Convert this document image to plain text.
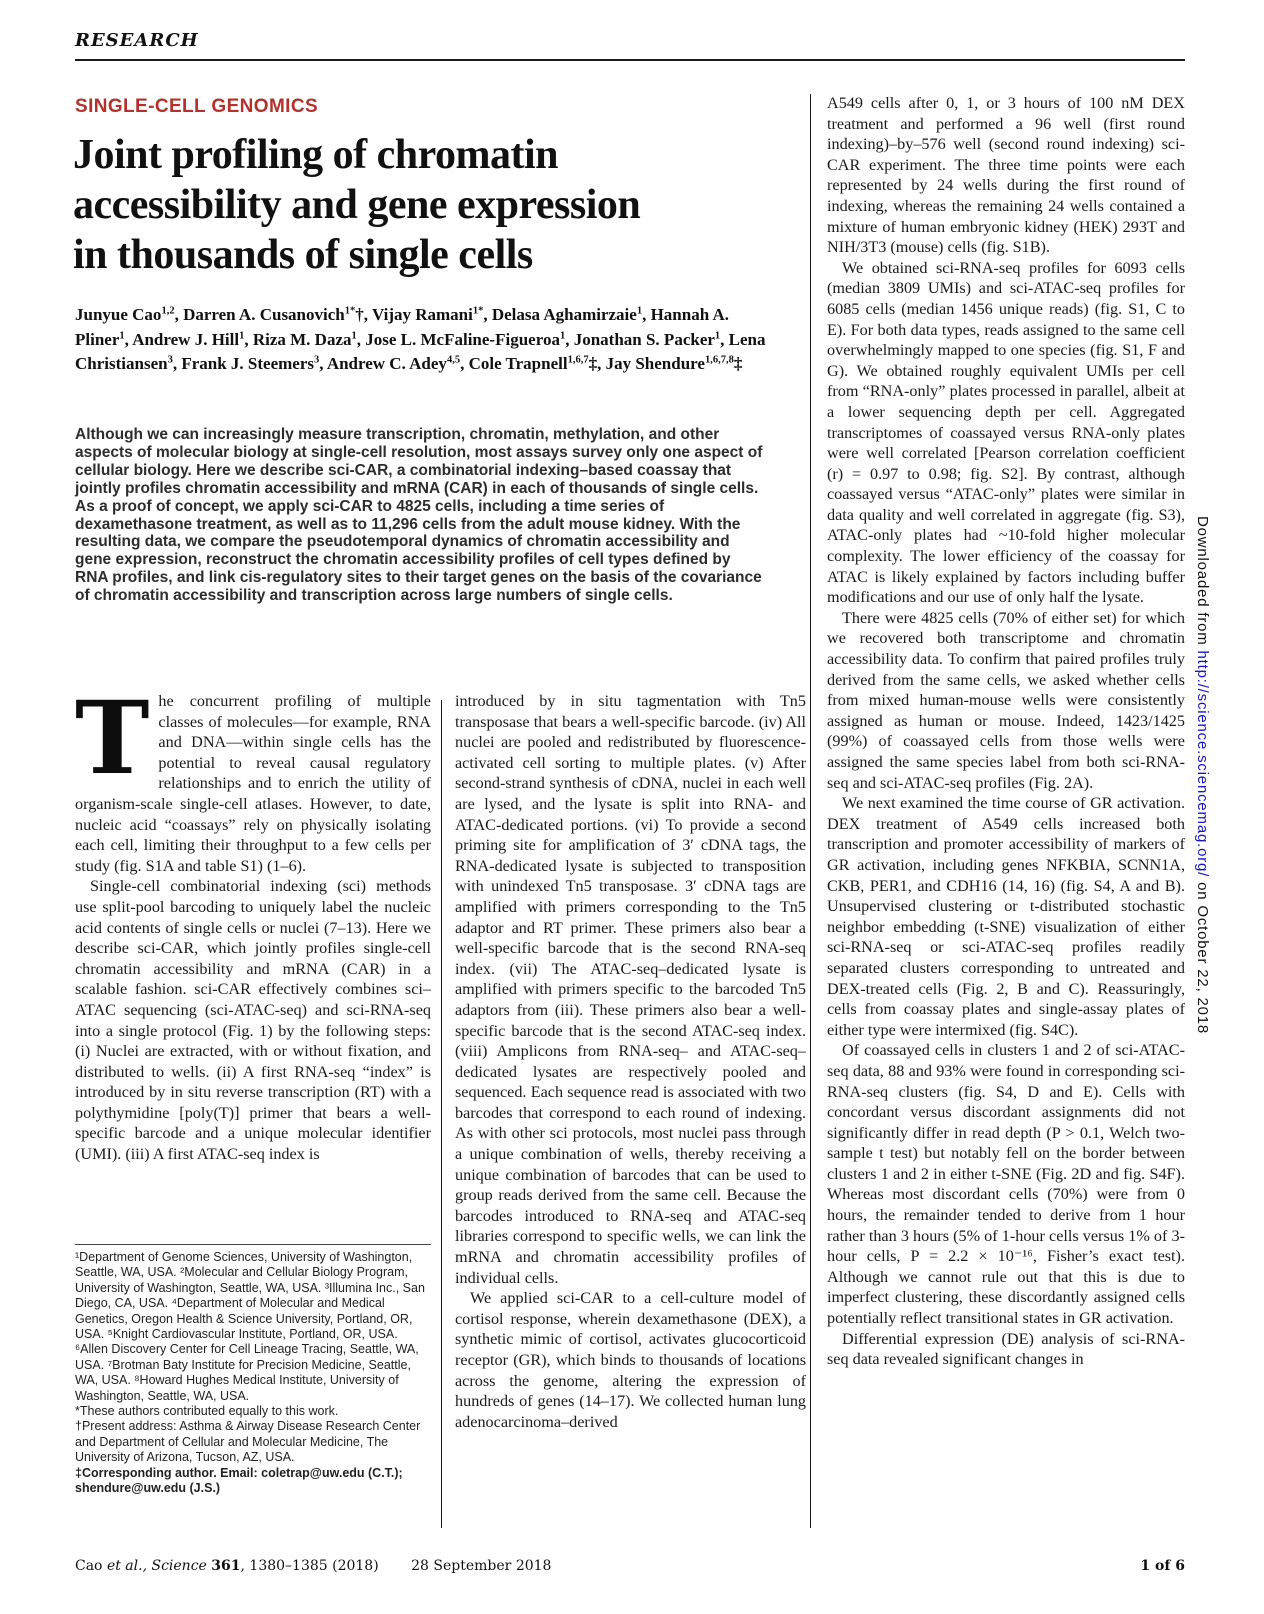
RESEARCH
SINGLE-CELL GENOMICS
Joint profiling of chromatin
accessibility and gene expression
in thousands of single cells
Junyue Cao$^{1,2}$, Darren A. Cusanovich$^{1*}$†, Vijay Ramani$^{1*}$, Delasa Aghamirzaie$^1$, Hannah A. Pliner$^1$, Andrew J. Hill$^1$, Riza M. Daza$^1$, Jose L. McFaline-Figueroa$^1$, Jonathan S. Packer$^1$, Lena Christiansen$^3$, Frank J. Steemers$^3$, Andrew C. Adey$^{4,5}$, Cole Trapnell$^{1,6,7}$‡, Jay Shendure$^{1,6,7,8}$‡
Although we can increasingly measure transcription, chromatin, methylation, and other aspects of molecular biology at single-cell resolution, most assays survey only one aspect of cellular biology. Here we describe sci-CAR, a combinatorial indexing–based coassay that jointly profiles chromatin accessibility and mRNA (CAR) in each of thousands of single cells. As a proof of concept, we apply sci-CAR to 4825 cells, including a time series of dexamethasone treatment, as well as to 11,296 cells from the adult mouse kidney. With the resulting data, we compare the pseudotemporal dynamics of chromatin accessibility and gene expression, reconstruct the chromatin accessibility profiles of cell types defined by RNA profiles, and link cis-regulatory sites to their target genes on the basis of the covariance of chromatin accessibility and transcription across large numbers of single cells.

The concurrent profiling of multiple classes of molecules—for example, RNA and DNA—within single cells has the potential to reveal causal regulatory relationships and to enrich the utility of organism-scale single-cell atlases. However, to date, nucleic acid “coassays” rely on physically isolating each cell, limiting their throughput to a few cells per study (fig. S1A and table S1) (1–6).

Single-cell combinatorial indexing (sci) methods use split-pool barcoding to uniquely label the nucleic acid contents of single cells or nuclei (7–13). Here we describe sci-CAR, which jointly profiles single-cell chromatin accessibility and mRNA (CAR) in a scalable fashion. sci-CAR effectively combines sci–ATAC sequencing (sci-ATAC-seq) and sci-RNA-seq into a single protocol (Fig. 1) by the following steps: (i) Nuclei are extracted, with or without fixation, and distributed to wells. (ii) A first RNA-seq “index” is introduced by in situ reverse transcription (RT) with a polythymidine [poly(T)] primer that bears a well-specific barcode and a unique molecular identifier (UMI). (iii) A first ATAC-seq index is

introduced by in situ tagmentation with Tn5 transposase that bears a well-specific barcode. (iv) All nuclei are pooled and redistributed by fluorescence-activated cell sorting to multiple plates. (v) After second-strand synthesis of cDNA, nuclei in each well are lysed, and the lysate is split into RNA- and ATAC-dedicated portions. (vi) To provide a second priming site for amplification of 3′ cDNA tags, the RNA-dedicated lysate is subjected to transposition with unindexed Tn5 transposase. 3′ cDNA tags are amplified with primers corresponding to the Tn5 adaptor and RT primer. These primers also bear a well-specific barcode that is the second RNA-seq index. (vii) The ATAC-seq–dedicated lysate is amplified with primers specific to the barcoded Tn5 adaptors from (iii). These primers also bear a well-specific barcode that is the second ATAC-seq index. (viii) Amplicons from RNA-seq– and ATAC-seq–dedicated lysates are respectively pooled and sequenced. Each sequence read is associated with two barcodes that correspond to each round of indexing. As with other sci protocols, most nuclei pass through a unique combination of wells, thereby receiving a unique combination of barcodes that can be used to group reads derived from the same cell. Because the barcodes introduced to RNA-seq and ATAC-seq libraries correspond to specific wells, we can link the mRNA and chromatin accessibility profiles of individual cells.

We applied sci-CAR to a cell-culture model of cortisol response, wherein dexamethasone (DEX), a synthetic mimic of cortisol, activates glucocorticoid receptor (GR), which binds to thousands of locations across the genome, altering the expression of hundreds of genes (14–17). We collected human lung adenocarcinoma–derived

A549 cells after 0, 1, or 3 hours of 100 nM DEX treatment and performed a 96 well (first round indexing)–by–576 well (second round indexing) sci-CAR experiment. The three time points were each represented by 24 wells during the first round of indexing, whereas the remaining 24 wells contained a mixture of human embryonic kidney (HEK) 293T and NIH/3T3 (mouse) cells (fig. S1B).

We obtained sci-RNA-seq profiles for 6093 cells (median 3809 UMIs) and sci-ATAC-seq profiles for 6085 cells (median 1456 unique reads) (fig. S1, C to E). For both data types, reads assigned to the same cell overwhelmingly mapped to one species (fig. S1, F and G). We obtained roughly equivalent UMIs per cell from “RNA-only” plates processed in parallel, albeit at a lower sequencing depth per cell. Aggregated transcriptomes of coassayed versus RNA-only plates were well correlated [Pearson correlation coefficient (r) = 0.97 to 0.98; fig. S2]. By contrast, although coassayed versus “ATAC-only” plates were similar in data quality and well correlated in aggregate (fig. S3), ATAC-only plates had ~10-fold higher molecular complexity. The lower efficiency of the coassay for ATAC is likely explained by factors including buffer modifications and our use of only half the lysate.

There were 4825 cells (70% of either set) for which we recovered both transcriptome and chromatin accessibility data. To confirm that paired profiles truly derived from the same cells, we asked whether cells from mixed human-mouse wells were consistently assigned as human or mouse. Indeed, 1423/1425 (99%) of coassayed cells from those wells were assigned the same species label from both sci-RNA-seq and sci-ATAC-seq profiles (Fig. 2A).

We next examined the time course of GR activation. DEX treatment of A549 cells increased both transcription and promoter accessibility of markers of GR activation, including genes NFKBIA, SCNN1A, CKB, PER1, and CDH16 (14, 16) (fig. S4, A and B). Unsupervised clustering or t-distributed stochastic neighbor embedding (t-SNE) visualization of either sci-RNA-seq or sci-ATAC-seq profiles readily separated clusters corresponding to untreated and DEX-treated cells (Fig. 2, B and C). Reassuringly, cells from coassay plates and single-assay plates of either type were intermixed (fig. S4C).

Of coassayed cells in clusters 1 and 2 of sci-ATAC-seq data, 88 and 93% were found in corresponding sci-RNA-seq clusters (fig. S4, D and E). Cells with concordant versus discordant assignments did not significantly differ in read depth (P > 0.1, Welch two-sample t test) but notably fell on the border between clusters 1 and 2 in either t-SNE (Fig. 2D and fig. S4F). Whereas most discordant cells (70%) were from 0 hours, the remainder tended to derive from 1 hour rather than 3 hours (5% of 1-hour cells versus 1% of 3-hour cells, P = 2.2 × 10⁻¹⁶, Fisher’s exact test). Although we cannot rule out that this is due to imperfect clustering, these discordantly assigned cells potentially reflect transitional states in GR activation.

Differential expression (DE) analysis of sci-RNA-seq data revealed significant changes in

¹Department of Genome Sciences, University of Washington, Seattle, WA, USA. ²Molecular and Cellular Biology Program, University of Washington, Seattle, WA, USA. ³Illumina Inc., San Diego, CA, USA. ⁴Department of Molecular and Medical Genetics, Oregon Health & Science University, Portland, OR, USA. ⁵Knight Cardiovascular Institute, Portland, OR, USA. ⁶Allen Discovery Center for Cell Lineage Tracing, Seattle, WA, USA. ⁷Brotman Baty Institute for Precision Medicine, Seattle, WA, USA. ⁸Howard Hughes Medical Institute, University of Washington, Seattle, WA, USA.

*These authors contributed equally to this work.

†Present address: Asthma & Airway Disease Research Center and Department of Cellular and Molecular Medicine, The University of Arizona, Tucson, AZ, USA.

‡Corresponding author. Email: coletrap@uw.edu (C.T.); shendure@uw.edu (J.S.)

Cao et al., Science 361, 1380–1385 (2018) 28 September 2018	1 of 6
Downloaded from http://science.sciencemag.org/ on October 22, 2018
